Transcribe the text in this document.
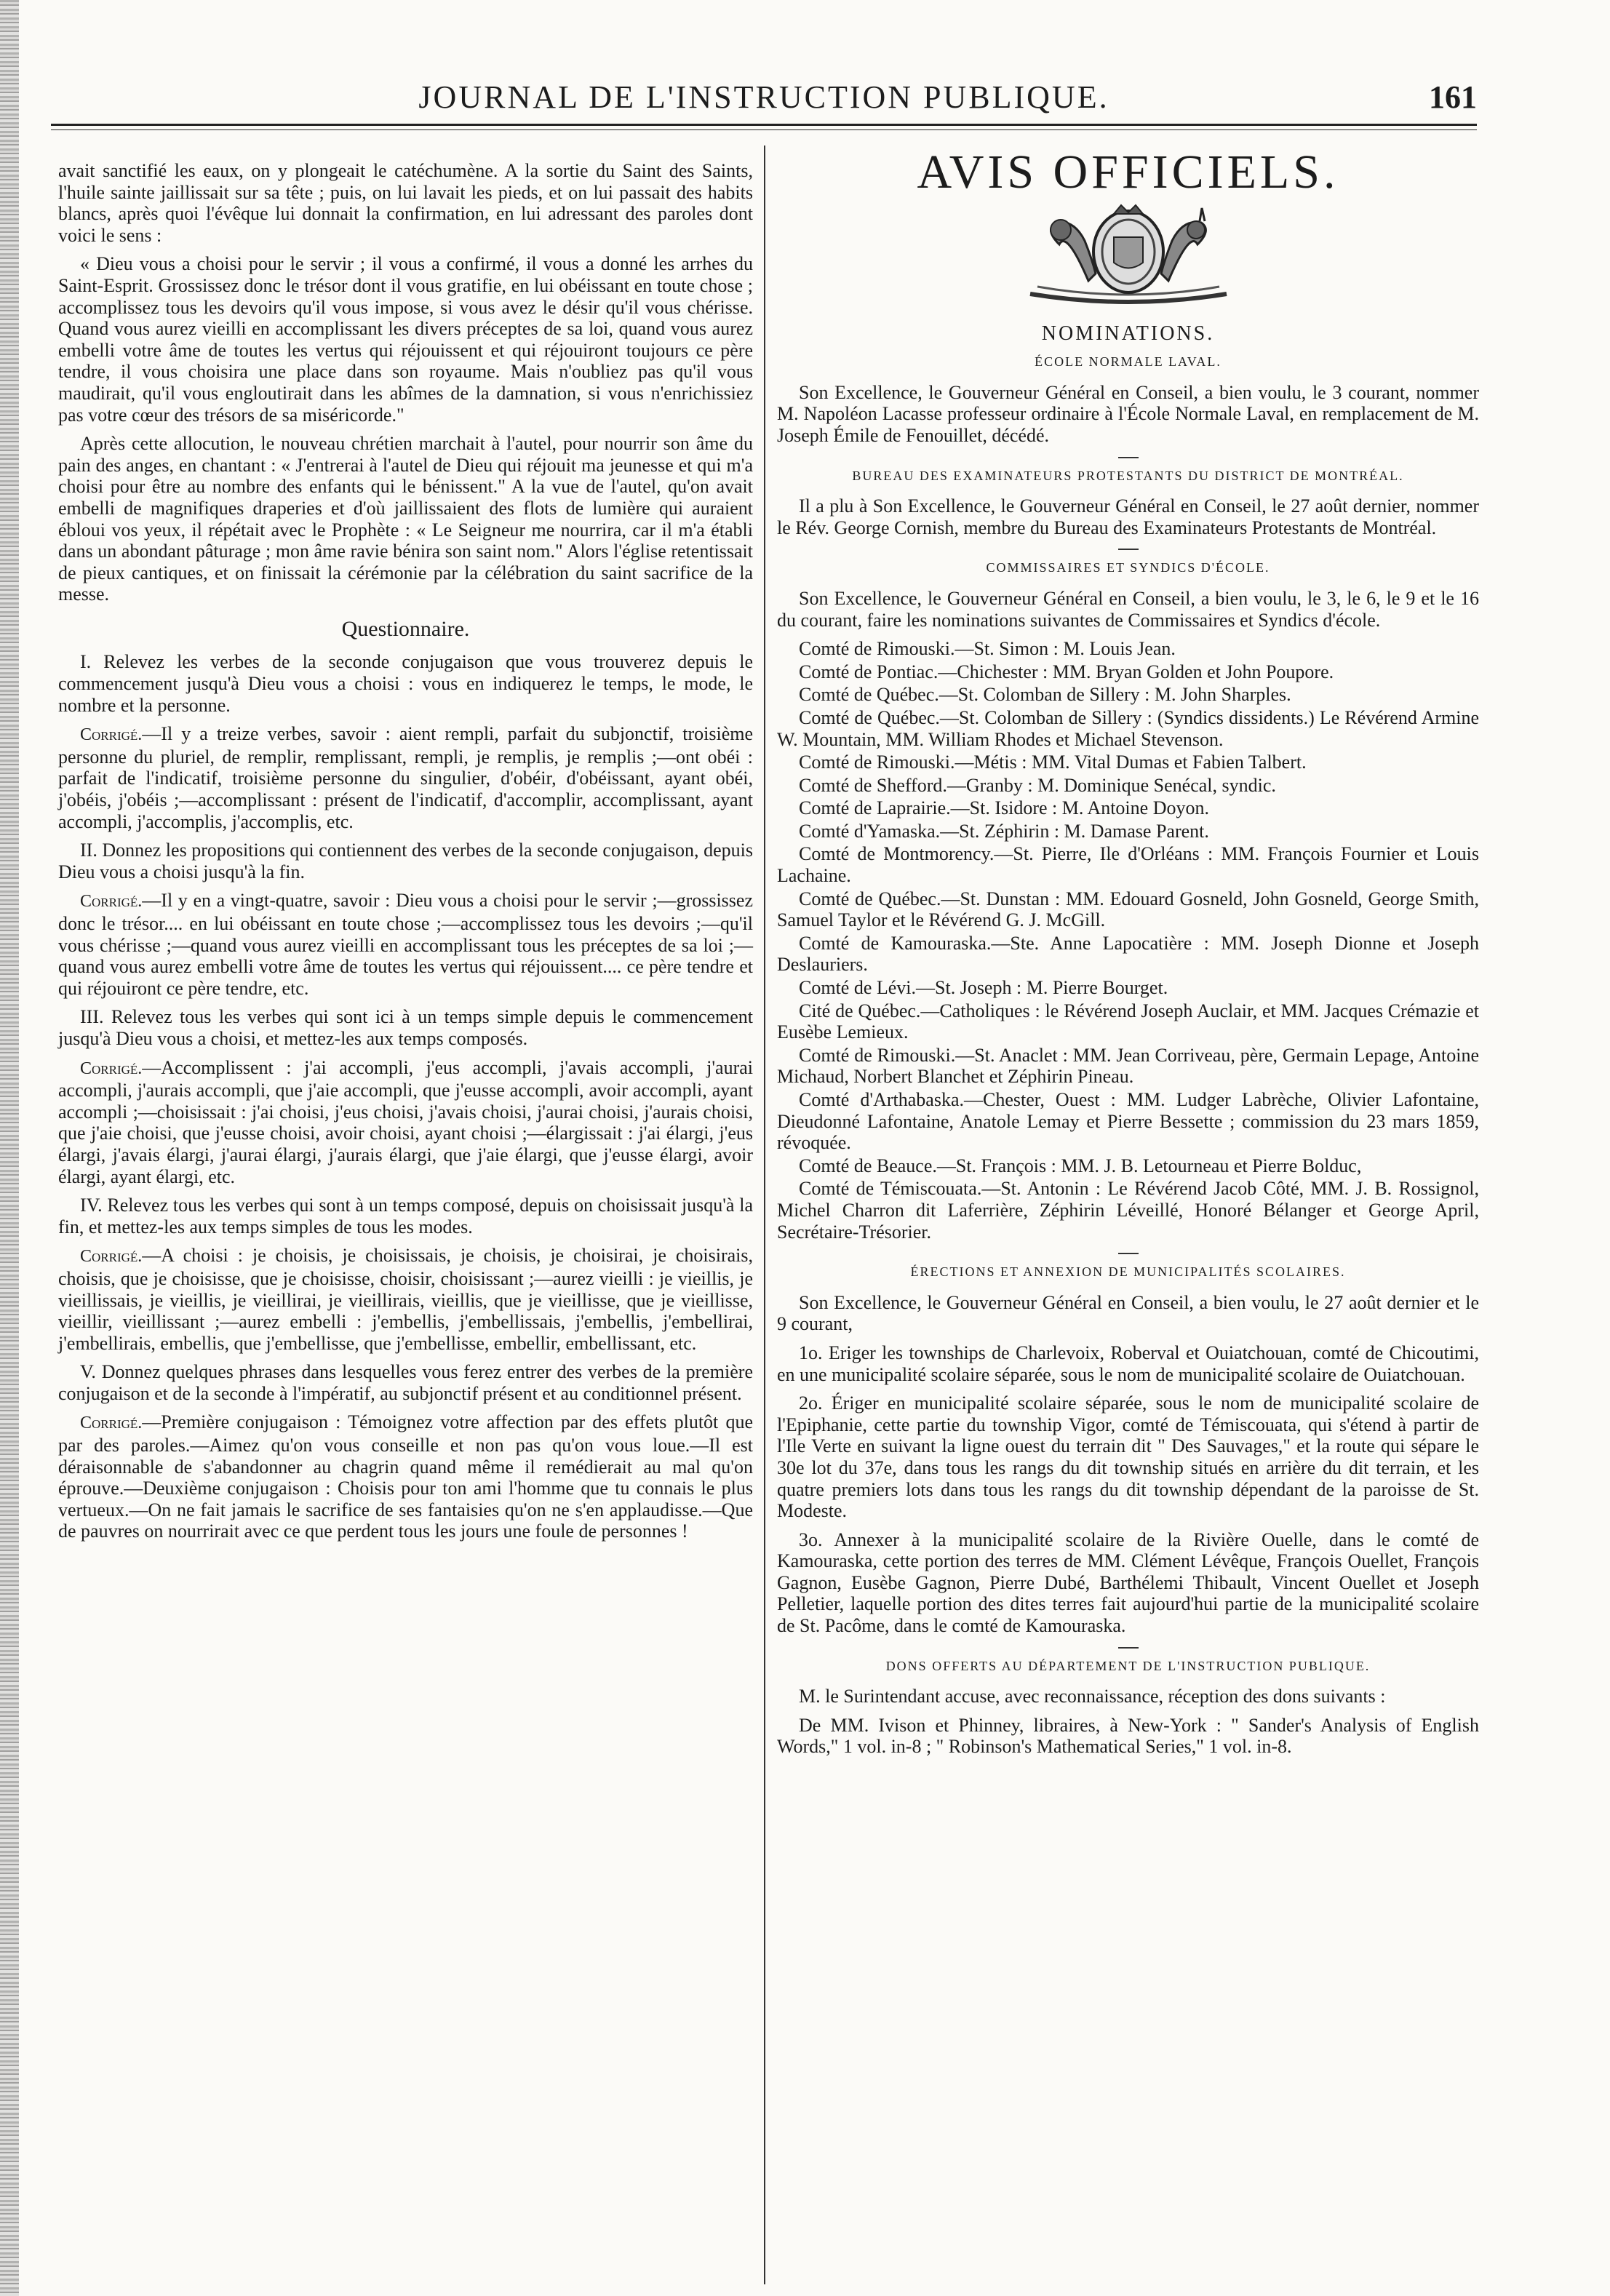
JOURNAL DE L'INSTRUCTION PUBLIQUE.	161

avait sanctifié les eaux, on y plongeait le catéchumène. A la sortie du Saint des Saints, l'huile sainte jaillissait sur sa tête ; puis, on lui lavait les pieds, et on lui passait des habits blancs, après quoi l'évêque lui donnait la confirmation, en lui adressant des paroles dont voici le sens :

« Dieu vous a choisi pour le servir ; il vous a confirmé, il vous a donné les arrhes du Saint-Esprit. Grossissez donc le trésor dont il vous gratifie, en lui obéissant en toute chose ; accomplissez tous les devoirs qu'il vous impose, si vous avez le désir qu'il vous chérisse. Quand vous aurez vieilli en accomplissant les divers préceptes de sa loi, quand vous aurez embelli votre âme de toutes les vertus qui réjouissent et qui réjouiront toujours ce père tendre, il vous choisira une place dans son royaume. Mais n'oubliez pas qu'il vous maudirait, qu'il vous engloutirait dans les abîmes de la damnation, si vous n'enrichissiez pas votre cœur des trésors de sa miséricorde."

Après cette allocution, le nouveau chrétien marchait à l'autel, pour nourrir son âme du pain des anges, en chantant : « J'entrerai à l'autel de Dieu qui réjouit ma jeunesse et qui m'a choisi pour être au nombre des enfants qui le bénissent." A la vue de l'autel, qu'on avait embelli de magnifiques draperies et d'où jaillissaient des flots de lumière qui auraient ébloui vos yeux, il répétait avec le Prophète : « Le Seigneur me nourrira, car il m'a établi dans un abondant pâturage ; mon âme ravie bénira son saint nom." Alors l'église retentissait de pieux cantiques, et on finissait la cérémonie par la célébration du saint sacrifice de la messe.

Questionnaire.

I. Relevez les verbes de la seconde conjugaison que vous trouverez depuis le commencement jusqu'à Dieu vous a choisi : vous en indiquerez le temps, le mode, le nombre et la personne.

Corrigé.—Il y a treize verbes, savoir : aient rempli, parfait du subjonctif, troisième personne du pluriel, de remplir, remplissant, rempli, je remplis, je remplis ;—ont obéi : parfait de l'indicatif, troisième personne du singulier, d'obéir, d'obéissant, ayant obéi, j'obéis, j'obéis ;—accomplissant : présent de l'indicatif, d'accomplir, accomplissant, ayant accompli, j'accomplis, j'accomplis, etc.

II. Donnez les propositions qui contiennent des verbes de la seconde conjugaison, depuis Dieu vous a choisi jusqu'à la fin.

Corrigé.—Il y en a vingt-quatre, savoir : Dieu vous a choisi pour le servir ;—grossissez donc le trésor.... en lui obéissant en toute chose ;—accomplissez tous les devoirs ;—qu'il vous chérisse ;—quand vous aurez vieilli en accomplissant tous les préceptes de sa loi ;—quand vous aurez embelli votre âme de toutes les vertus qui réjouissent.... ce père tendre et qui réjouiront ce père tendre, etc.

III. Relevez tous les verbes qui sont ici à un temps simple depuis le commencement jusqu'à Dieu vous a choisi, et mettez-les aux temps composés.

Corrigé.—Accomplissent : j'ai accompli, j'eus accompli, j'avais accompli, j'aurai accompli, j'aurais accompli, que j'aie accompli, que j'eusse accompli, avoir accompli, ayant accompli ;—choisissait : j'ai choisi, j'eus choisi, j'avais choisi, j'aurai choisi, j'aurais choisi, que j'aie choisi, que j'eusse choisi, avoir choisi, ayant choisi ;—élargissait : j'ai élargi, j'eus élargi, j'avais élargi, j'aurai élargi, j'aurais élargi, que j'aie élargi, que j'eusse élargi, avoir élargi, ayant élargi, etc.

IV. Relevez tous les verbes qui sont à un temps composé, depuis on choisissait jusqu'à la fin, et mettez-les aux temps simples de tous les modes.

Corrigé.—A choisi : je choisis, je choisissais, je choisis, je choisirai, je choisirais, choisis, que je choisisse, que je choisisse, choisir, choisissant ;—aurez vieilli : je vieillis, je vieillissais, je vieillis, je vieillirai, je vieillirais, vieillis, que je vieillisse, que je vieillisse, vieillir, vieillissant ;—aurez embelli : j'embellis, j'embellissais, j'embellis, j'embellirai, j'embellirais, embellis, que j'embellisse, que j'embellisse, embellir, embellissant, etc.

V. Donnez quelques phrases dans lesquelles vous ferez entrer des verbes de la première conjugaison et de la seconde à l'impératif, au subjonctif présent et au conditionnel présent.

Corrigé.—Première conjugaison : Témoignez votre affection par des effets plutôt que par des paroles.—Aimez qu'on vous conseille et non pas qu'on vous loue.—Il est déraisonnable de s'abandonner au chagrin quand même il remédierait au mal qu'on éprouve.—Deuxième conjugaison : Choisis pour ton ami l'homme que tu connais le plus vertueux.—On ne fait jamais le sacrifice de ses fantaisies qu'on ne s'en applaudisse.—Que de pauvres on nourrirait avec ce que perdent tous les jours une foule de personnes !

AVIS OFFICIELS.
NOMINATIONS.
ÉCOLE NORMALE LAVAL.

Son Excellence, le Gouverneur Général en Conseil, a bien voulu, le 3 courant, nommer M. Napoléon Lacasse professeur ordinaire à l'École Normale Laval, en remplacement de M. Joseph Émile de Fenouillet, décédé.

BUREAU DES EXAMINATEURS PROTESTANTS DU DISTRICT DE MONTRÉAL.

Il a plu à Son Excellence, le Gouverneur Général en Conseil, le 27 août dernier, nommer le Rév. George Cornish, membre du Bureau des Examinateurs Protestants de Montréal.

COMMISSAIRES ET SYNDICS D'ÉCOLE.

Son Excellence, le Gouverneur Général en Conseil, a bien voulu, le 3, le 6, le 9 et le 16 du courant, faire les nominations suivantes de Commissaires et Syndics d'école.

Comté de Rimouski.—St. Simon : M. Louis Jean.
Comté de Pontiac.—Chichester : MM. Bryan Golden et John Poupore.
Comté de Québec.—St. Colomban de Sillery : M. John Sharples.
Comté de Québec.—St. Colomban de Sillery : (Syndics dissidents.) Le Révérend Armine W. Mountain, MM. William Rhodes et Michael Stevenson.
Comté de Rimouski.—Métis : MM. Vital Dumas et Fabien Talbert.
Comté de Shefford.—Granby : M. Dominique Senécal, syndic.
Comté de Laprairie.—St. Isidore : M. Antoine Doyon.
Comté d'Yamaska.—St. Zéphirin : M. Damase Parent.
Comté de Montmorency.—St. Pierre, Ile d'Orléans : MM. François Fournier et Louis Lachaine.
Comté de Québec.—St. Dunstan : MM. Edouard Gosneld, John Gosneld, George Smith, Samuel Taylor et le Révérend G. J. McGill.
Comté de Kamouraska.—Ste. Anne Lapocatière : MM. Joseph Dionne et Joseph Deslauriers.
Comté de Lévi.—St. Joseph : M. Pierre Bourget.
Cité de Québec.—Catholiques : le Révérend Joseph Auclair, et MM. Jacques Crémazie et Eusèbe Lemieux.
Comté de Rimouski.—St. Anaclet : MM. Jean Corriveau, père, Germain Lepage, Antoine Michaud, Norbert Blanchet et Zéphirin Pineau.
Comté d'Arthabaska.—Chester, Ouest : MM. Ludger Labrèche, Olivier Lafontaine, Dieudonné Lafontaine, Anatole Lemay et Pierre Bessette ; commission du 23 mars 1859, révoquée.
Comté de Beauce.—St. François : MM. J. B. Letourneau et Pierre Bolduc,
Comté de Témiscouata.—St. Antonin : Le Révérend Jacob Côté, MM. J. B. Rossignol, Michel Charron dit Laferrière, Zéphirin Léveillé, Honoré Bélanger et George April, Secrétaire-Trésorier.
ÉRECTIONS ET ANNEXION DE MUNICIPALITÉS SCOLAIRES.

Son Excellence, le Gouverneur Général en Conseil, a bien voulu, le 27 août dernier et le 9 courant,

1o. Eriger les townships de Charlevoix, Roberval et Ouiatchouan, comté de Chicoutimi, en une municipalité scolaire séparée, sous le nom de municipalité scolaire de Ouiatchouan.

2o. Ériger en municipalité scolaire séparée, sous le nom de municipalité scolaire de l'Epiphanie, cette partie du township Vigor, comté de Témiscouata, qui s'étend à partir de l'Ile Verte en suivant la ligne ouest du terrain dit " Des Sauvages," et la route qui sépare le 30e lot du 37e, dans tous les rangs du dit township situés en arrière du dit terrain, et les quatre premiers lots dans tous les rangs du dit township dépendant de la paroisse de St. Modeste.

3o. Annexer à la municipalité scolaire de la Rivière Ouelle, dans le comté de Kamouraska, cette portion des terres de MM. Clément Lévêque, François Ouellet, François Gagnon, Eusèbe Gagnon, Pierre Dubé, Barthélemi Thibault, Vincent Ouellet et Joseph Pelletier, laquelle portion des dites terres fait aujourd'hui partie de la municipalité scolaire de St. Pacôme, dans le comté de Kamouraska.

DONS OFFERTS AU DÉPARTEMENT DE L'INSTRUCTION PUBLIQUE.

M. le Surintendant accuse, avec reconnaissance, réception des dons suivants :

De MM. Ivison et Phinney, libraires, à New-York : " Sander's Analysis of English Words," 1 vol. in-8 ; " Robinson's Mathematical Series," 1 vol. in-8.
